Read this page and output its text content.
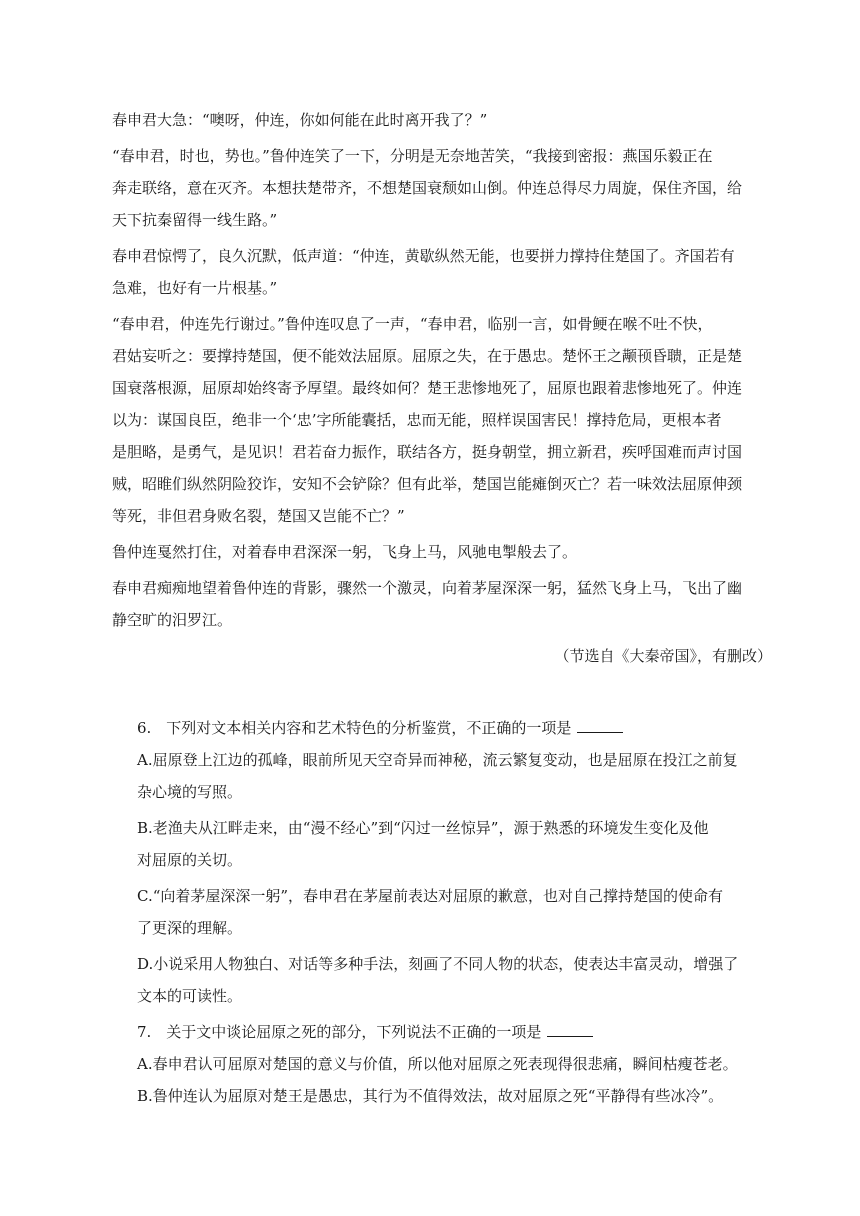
春申君大急：“噢呀，仲连，你如何能在此时离开我了？”

“春申君，时也，势也。”鲁仲连笑了一下，分明是无奈地苦笑，“我接到密报：燕国乐毅正在

奔走联络，意在灭齐。本想扶楚带齐，不想楚国衰颓如山倒。仲连总得尽力周旋，保住齐国，给

天下抗秦留得一线生路。”

春申君惊愕了，良久沉默，低声道：“仲连，黄歇纵然无能，也要拼力撑持住楚国了。齐国若有

急难，也好有一片根基。”

“春申君，仲连先行谢过。”鲁仲连叹息了一声，“春申君，临别一言，如骨鲠在喉不吐不快，

君姑妄听之：要撑持楚国，便不能效法屈原。屈原之失，在于愚忠。楚怀王之颟顸昏聩，正是楚

国衰落根源，屈原却始终寄予厚望。最终如何？楚王悲惨地死了，屈原也跟着悲惨地死了。仲连

以为：谋国良臣，绝非一个‘忠’字所能囊括，忠而无能，照样误国害民！撑持危局，更根本者

是胆略，是勇气，是见识！君若奋力振作，联结各方，挺身朝堂，拥立新君，疾呼国难而声讨国

贼，昭睢们纵然阴险狡诈，安知不会铲除？但有此举，楚国岂能瘫倒灭亡？若一味效法屈原伸颈

等死，非但君身败名裂，楚国又岂能不亡？”

鲁仲连戛然打住，对着春申君深深一躬，飞身上马，风驰电掣般去了。

春申君痴痴地望着鲁仲连的背影，骤然一个激灵，向着茅屋深深一躬，猛然飞身上马，飞出了幽

静空旷的汨罗江。

（节选自《大秦帝国》，有删改）

6.　下列对文本相关内容和艺术特色的分析鉴赏，不正确的一项是

A.屈原登上江边的孤峰，眼前所见天空奇异而神秘，流云繁复变动，也是屈原在投江之前复

杂心境的写照。

B.老渔夫从江畔走来，由“漫不经心”到“闪过一丝惊异”，源于熟悉的环境发生变化及他

对屈原的关切。

C.“向着茅屋深深一躬”，春申君在茅屋前表达对屈原的歉意，也对自己撑持楚国的使命有

了更深的理解。

D.小说采用人物独白、对话等多种手法，刻画了不同人物的状态，使表达丰富灵动，增强了

文本的可读性。

7.　关于文中谈论屈原之死的部分，下列说法不正确的一项是

A.春申君认可屈原对楚国的意义与价值，所以他对屈原之死表现得很悲痛，瞬间枯瘦苍老。

B.鲁仲连认为屈原对楚王是愚忠，其行为不值得效法，故对屈原之死“平静得有些冰冷”。
